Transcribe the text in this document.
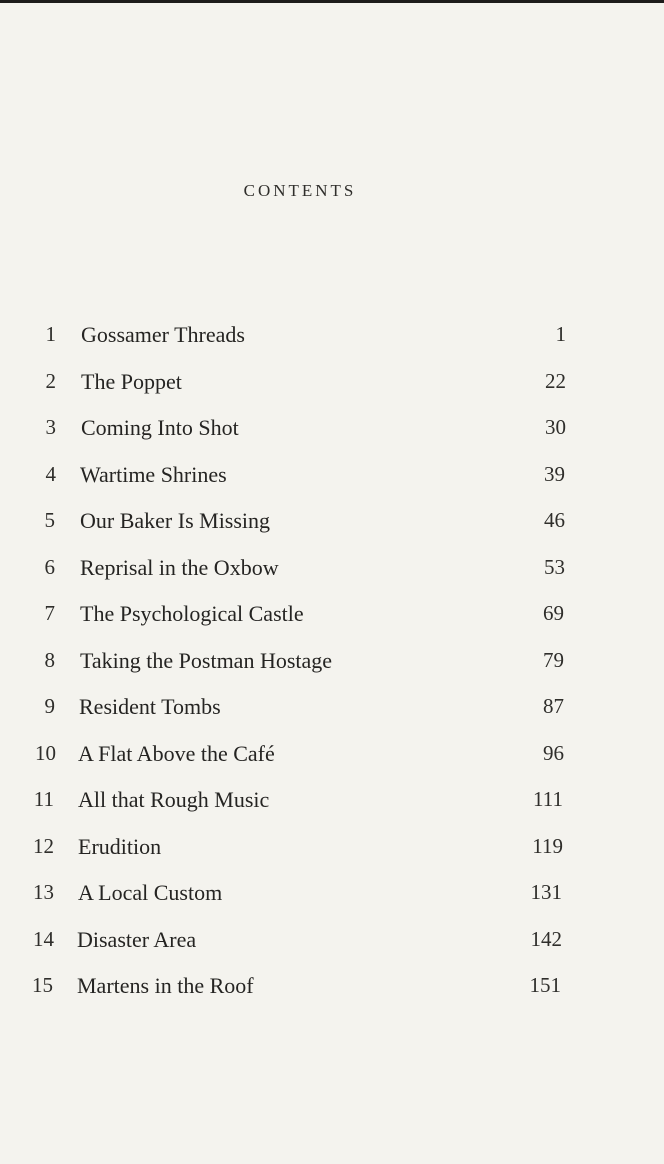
CONTENTS
1 Gossamer Threads	1
2 The Poppet	22
3 Coming Into Shot	30
4 Wartime Shrines	39
5 Our Baker Is Missing	46
6 Reprisal in the Oxbow	53
7 The Psychological Castle	69
8 Taking the Postman Hostage	79
9 Resident Tombs	87
10 A Flat Above the Café	96
11 All that Rough Music	111
12 Erudition	119
13 A Local Custom	131
14 Disaster Area	142
15 Martens in the Roof	151
